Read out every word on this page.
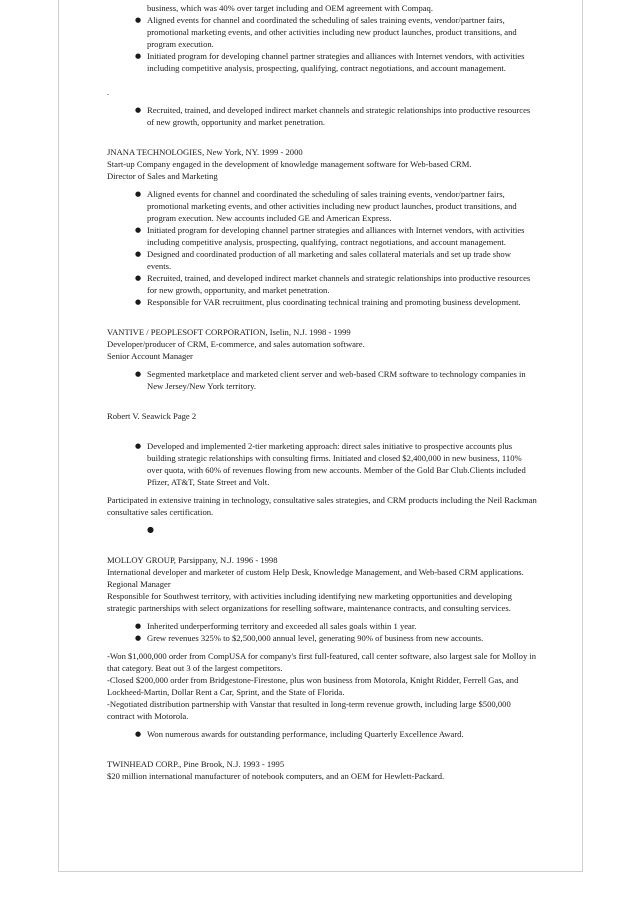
business, which was 40% over target including and OEM agreement with Compaq.

● Aligned events for channel and coordinated the scheduling of sales training events, vendor/partner fairs, promotional marketing events, and other activities including new product launches, product transitions, and program execution.
● Initiated program for developing channel partner strategies and alliances with Internet vendors, with activities including competitive analysis, prospecting, qualifying, contract negotiations, and account management.

.

● Recruited, trained, and developed indirect market channels and strategic relationships into productive resources of new growth, opportunity and market penetration.

JNANA TECHNOLOGIES, New York, NY. 1999 - 2000

Start-up Company engaged in the development of knowledge management software for Web-based CRM.

Director of Sales and Marketing

● Aligned events for channel and coordinated the scheduling of sales training events, vendor/partner fairs, promotional marketing events, and other activities including new product launches, product transitions, and program execution. New accounts included GE and American Express.
● Initiated program for developing channel partner strategies and alliances with Internet vendors, with activities including competitive analysis, prospecting, qualifying, contract negotiations, and account management.
● Designed and coordinated production of all marketing and sales collateral materials and set up trade show events.
● Recruited, trained, and developed indirect market channels and strategic relationships into productive resources for new growth, opportunity, and market penetration.
● Responsible for VAR recruitment, plus coordinating technical training and promoting business development.

VANTIVE / PEOPLESOFT CORPORATION, Iselin, N.J. 1998 - 1999

Developer/producer of CRM, E-commerce, and sales automation software.

Senior Account Manager

● Segmented marketplace and marketed client server and web-based CRM software to technology companies in New Jersey/New York territory.

Robert V. Seawick Page 2

● Developed and implemented 2-tier marketing approach: direct sales initiative to prospective accounts plus building strategic relationships with consulting firms. Initiated and closed $2,400,000 in new business, 110% over quota, with 60% of revenues flowing from new accounts. Member of the Gold Bar Club.Clients included Pfizer, AT&T, State Street and Volt.

Participated in extensive training in technology, consultative sales strategies, and CRM products including the Neil Rackman consultative sales certification.

●

MOLLOY GROUP, Parsippany, N.J. 1996 - 1998

International developer and marketer of custom Help Desk, Knowledge Management, and Web-based CRM applications.

Regional Manager

Responsible for Southwest territory, with activities including identifying new marketing opportunities and developing strategic partnerships with select organizations for reselling software, maintenance contracts, and consulting services.

● Inherited underperforming territory and exceeded all sales goals within 1 year.
● Grew revenues 325% to $2,500,000 annual level, generating 90% of business from new accounts.

-Won $1,000,000 order from CompUSA for company's first full-featured, call center software, also largest sale for Molloy in that category. Beat out 3 of the largest competitors.

-Closed $200,000 order from Bridgestone-Firestone, plus won business from Motorola, Knight Ridder, Ferrell Gas, and Lockheed-Martin, Dollar Rent a Car, Sprint, and the State of Florida.

-Negotiated distribution partnership with Vanstar that resulted in long-term revenue growth, including large $500,000 contract with Motorola.

● Won numerous awards for outstanding performance, including Quarterly Excellence Award.

TWINHEAD CORP., Pine Brook, N.J. 1993 - 1995

$20 million international manufacturer of notebook computers, and an OEM for Hewlett-Packard.
